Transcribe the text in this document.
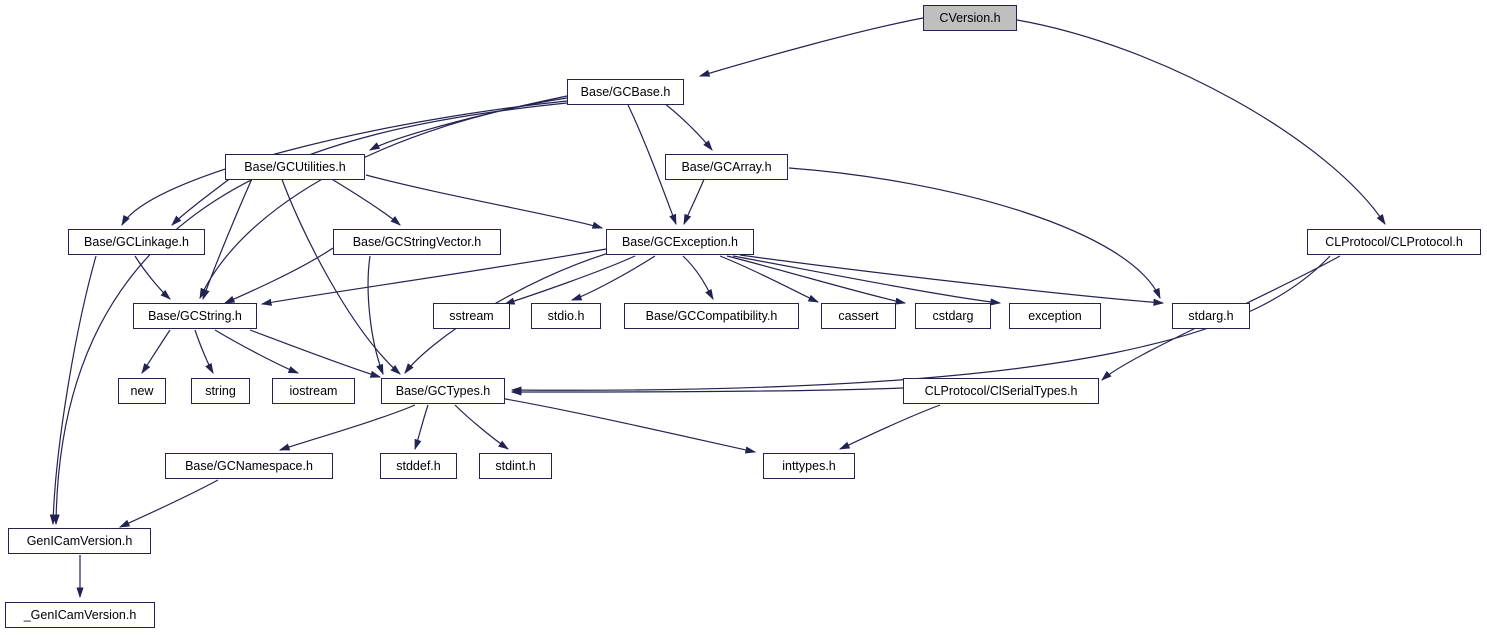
CVersion.h
Base/GCBase.h
Base/GCUtilities.h	Base/GCArray.h
CLProtocol/CLProtocol.h
Base/GCLinkage.h	Base/GCStringVector.h	Base/GCException.h
Base/GCString.h	sstream	stdio.h	Base/GCCompatibility.h	cassert	cstdarg	exception	stdarg.h
new	string	iostream	Base/GCTypes.h	CLProtocol/ClSerialTypes.h
Base/GCNamespace.h	stddef.h	stdint.h	inttypes.h
GenICamVersion.h
_GenICamVersion.h
